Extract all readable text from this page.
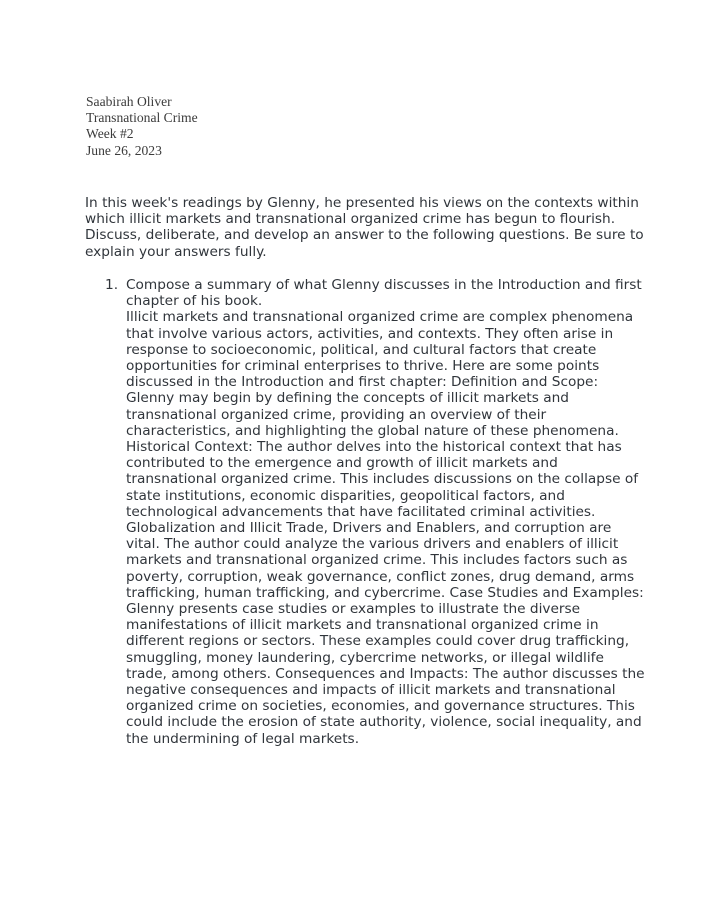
Saabirah Oliver
Transnational Crime
Week #2
June 26, 2023

In this week's readings by Glenny, he presented his views on the contexts within which illicit markets and transnational organized crime has begun to flourish. Discuss, deliberate, and develop an answer to the following questions. Be sure to explain your answers fully.

1. Compose a summary of what Glenny discusses in the Introduction and first chapter of his book.
Illicit markets and transnational organized crime are complex phenomena that involve various actors, activities, and contexts. They often arise in response to socioeconomic, political, and cultural factors that create opportunities for criminal enterprises to thrive. Here are some points discussed in the Introduction and first chapter: Definition and Scope: Glenny may begin by defining the concepts of illicit markets and transnational organized crime, providing an overview of their characteristics, and highlighting the global nature of these phenomena. Historical Context: The author delves into the historical context that has contributed to the emergence and growth of illicit markets and transnational organized crime. This includes discussions on the collapse of state institutions, economic disparities, geopolitical factors, and technological advancements that have facilitated criminal activities. Globalization and Illicit Trade, Drivers and Enablers, and corruption are vital. The author could analyze the various drivers and enablers of illicit markets and transnational organized crime. This includes factors such as poverty, corruption, weak governance, conflict zones, drug demand, arms trafficking, human trafficking, and cybercrime. Case Studies and Examples: Glenny presents case studies or examples to illustrate the diverse manifestations of illicit markets and transnational organized crime in different regions or sectors. These examples could cover drug trafficking, smuggling, money laundering, cybercrime networks, or illegal wildlife trade, among others. Consequences and Impacts: The author discusses the negative consequences and impacts of illicit markets and transnational organized crime on societies, economies, and governance structures. This could include the erosion of state authority, violence, social inequality, and the undermining of legal markets.
